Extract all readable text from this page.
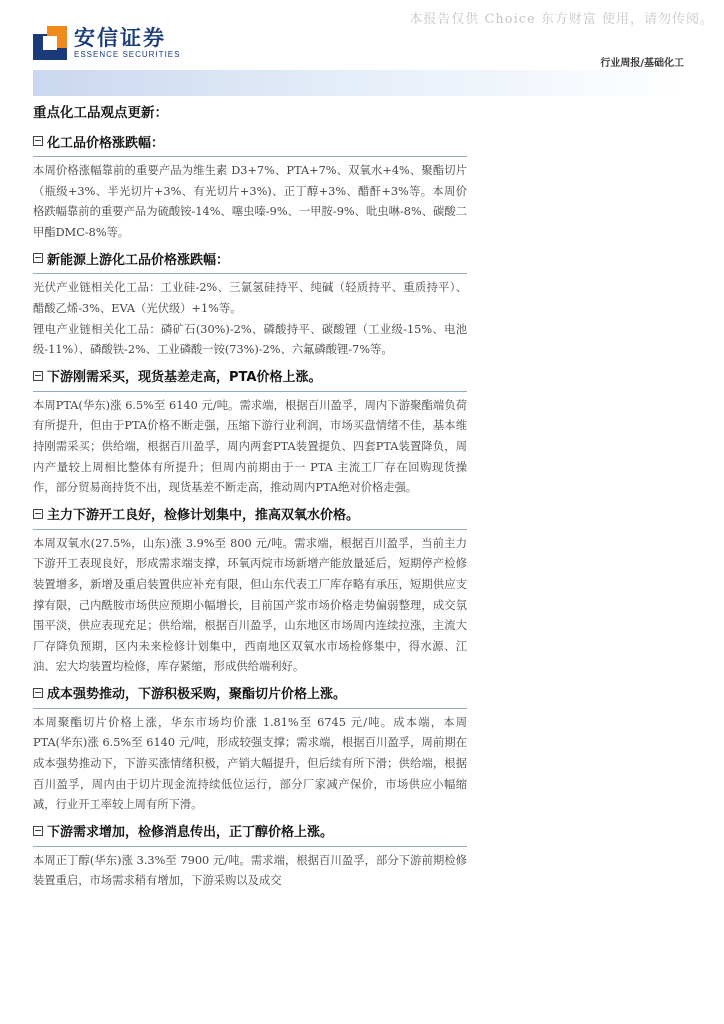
本报告仅供 Choice 东方财富 使用，请勿传阅。
安信证券
ESSENCE SECURITIES
行业周报/基础化工
重点化工品观点更新：
化工品价格涨跌幅：

本周价格涨幅靠前的重要产品为维生素 D3+7%、PTA+7%、双氧水+4%、聚酯切片（瓶级+3%、半光切片+3%、有光切片+3%)、正丁醇+3%、醋酐+3%等。本周价格跌幅靠前的重要产品为硫酸铵-14%、噻虫嗪-9%、一甲胺-9%、吡虫啉-8%、碳酸二甲酯DMC-8%等。

新能源上游化工品价格涨跌幅：

光伏产业链相关化工品：工业硅-2%、三氯氢硅持平、纯碱（轻质持平、重质持平）、醋酸乙烯-3%、EVA（光伏级）+1%等。

锂电产业链相关化工品：磷矿石(30%)-2%、磷酸持平、碳酸锂（工业级-15%、电池级-11%）、磷酸铁-2%、工业磷酸一铵(73%)-2%、六氟磷酸锂-7%等。

下游刚需采买，现货基差走高，PTA价格上涨。

本周PTA(华东)涨 6.5%至 6140 元/吨。需求端，根据百川盈孚，周内下游聚酯端负荷有所提升，但由于PTA价格不断走强，压缩下游行业利润，市场买盘情绪不佳，基本维持刚需采买；供给端，根据百川盈孚，周内两套PTA装置提负、四套PTA装置降负，周内产量较上周相比整体有所提升；但周内前期由于一 PTA 主流工厂存在回购现货操作，部分贸易商持货不出，现货基差不断走高，推动周内PTA绝对价格走强。

主力下游开工良好，检修计划集中，推高双氧水价格。

本周双氧水(27.5%，山东)涨 3.9%至 800 元/吨。需求端，根据百川盈孚，当前主力下游开工表现良好，形成需求端支撑，环氧丙烷市场新增产能放量延后，短期停产检修装置增多，新增及重启装置供应补充有限，但山东代表工厂库存略有承压，短期供应支撑有限，己内酰胺市场供应预期小幅增长，目前国产浆市场价格走势偏弱整理，成交氛围平淡，供应表现充足；供给端，根据百川盈孚，山东地区市场周内连续拉涨，主流大厂存降负预期，区内未来检修计划集中，西南地区双氧水市场检修集中，得水源、江油、宏大均装置均检修，库存紧缩，形成供给端利好。

成本强势推动，下游积极采购，聚酯切片价格上涨。

本周聚酯切片价格上涨，华东市场均价涨 1.81%至 6745 元/吨。成本端，本周 PTA(华东)涨 6.5%至 6140 元/吨，形成较强支撑；需求端，根据百川盈孚，周前期在成本强势推动下，下游买涨情绪积极，产销大幅提升，但后续有所下滑；供给端，根据百川盈孚，周内由于切片现金流持续低位运行，部分厂家减产保价，市场供应小幅缩减，行业开工率较上周有所下滑。

下游需求增加，检修消息传出，正丁醇价格上涨。

本周正丁醇(华东)涨 3.3%至 7900 元/吨。需求端，根据百川盈孚，部分下游前期检修装置重启，市场需求稍有增加，下游采购以及成交
